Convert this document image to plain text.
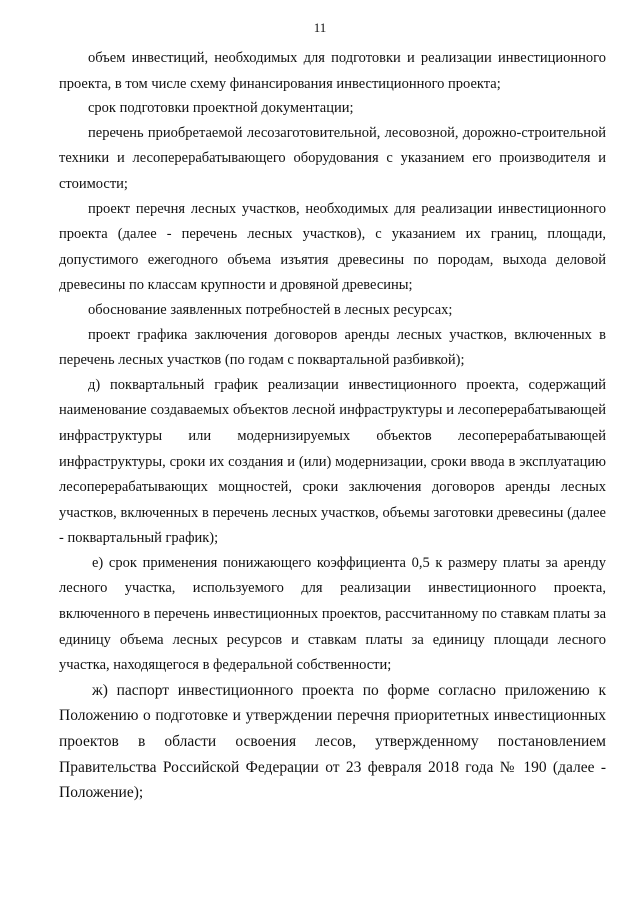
11

объем инвестиций, необходимых для подготовки и реализации инвестиционного проекта, в том числе схему финансирования инвестиционного проекта;

срок подготовки проектной документации;

перечень приобретаемой лесозаготовительной, лесовозной, дорожно-строительной техники и лесоперерабатывающего оборудования с указанием его производителя и стоимости;

проект перечня лесных участков, необходимых для реализации инвестиционного проекта (далее - перечень лесных участков), с указанием их границ, площади, допустимого ежегодного объема изъятия древесины по породам, выхода деловой древесины по классам крупности и дровяной древесины;

обоснование заявленных потребностей в лесных ресурсах;

проект графика заключения договоров аренды лесных участков, включенных в перечень лесных участков (по годам с поквартальной разбивкой);

д) поквартальный график реализации инвестиционного проекта, содержащий наименование создаваемых объектов лесной инфраструктуры и лесоперерабатывающей инфраструктуры или модернизируемых объектов лесоперерабатывающей инфраструктуры, сроки их создания и (или) модернизации, сроки ввода в эксплуатацию лесоперерабатывающих мощностей, сроки заключения договоров аренды лесных участков, включенных в перечень лесных участков, объемы заготовки древесины (далее - поквартальный график);

е) срок применения понижающего коэффициента 0,5 к размеру платы за аренду лесного участка, используемого для реализации инвестиционного проекта, включенного в перечень инвестиционных проектов, рассчитанному по ставкам платы за единицу объема лесных ресурсов и ставкам платы за единицу площади лесного участка, находящегося в федеральной собственности;

ж) паспорт инвестиционного проекта по форме согласно приложению к Положению о подготовке и утверждении перечня приоритетных инвестиционных проектов в области освоения лесов, утвержденному постановлением Правительства Российской Федерации от 23 февраля 2018 года № 190 (далее - Положение);
